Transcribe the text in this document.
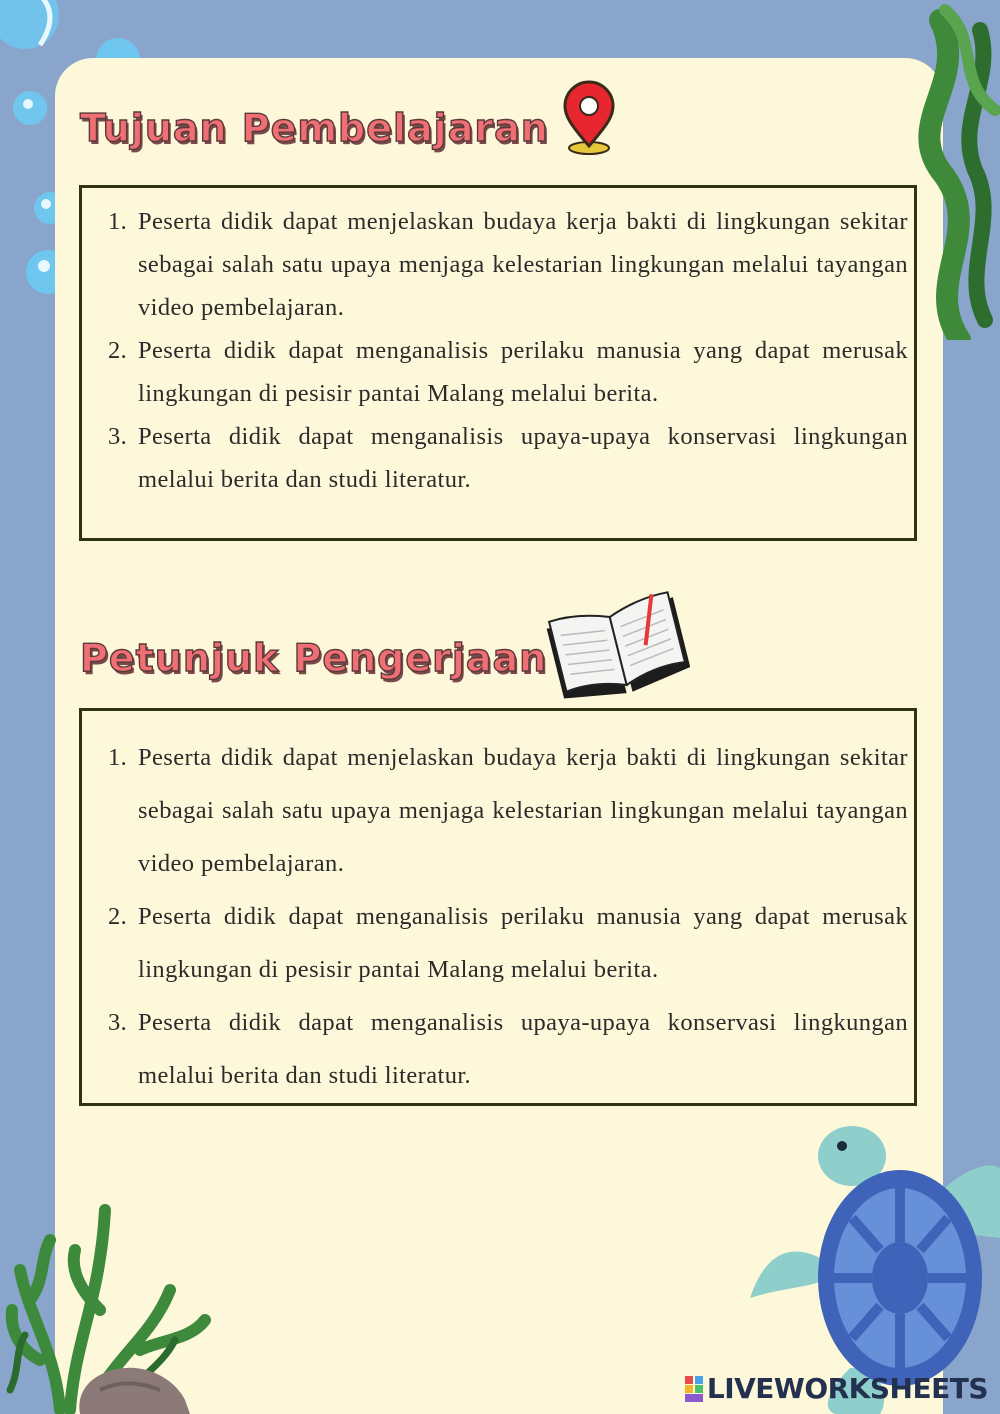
Tujuan Pembelajaran
1. Peserta didik dapat menjelaskan budaya kerja bakti di lingkungan sekitar sebagai salah satu upaya menjaga kelestarian lingkungan melalui tayangan video pembelajaran.
2. Peserta didik dapat menganalisis perilaku manusia yang dapat merusak lingkungan di pesisir pantai Malang melalui berita.
3. Peserta didik dapat menganalisis upaya-upaya konservasi lingkungan melalui berita dan studi literatur.
Petunjuk Pengerjaan
1. Peserta didik dapat menjelaskan budaya kerja bakti di lingkungan sekitar sebagai salah satu upaya menjaga kelestarian lingkungan melalui tayangan video pembelajaran.
2. Peserta didik dapat menganalisis perilaku manusia yang dapat merusak lingkungan di pesisir pantai Malang melalui berita.
3. Peserta didik dapat menganalisis upaya-upaya konservasi lingkungan melalui berita dan studi literatur.
LIVEWORKSHEETS
